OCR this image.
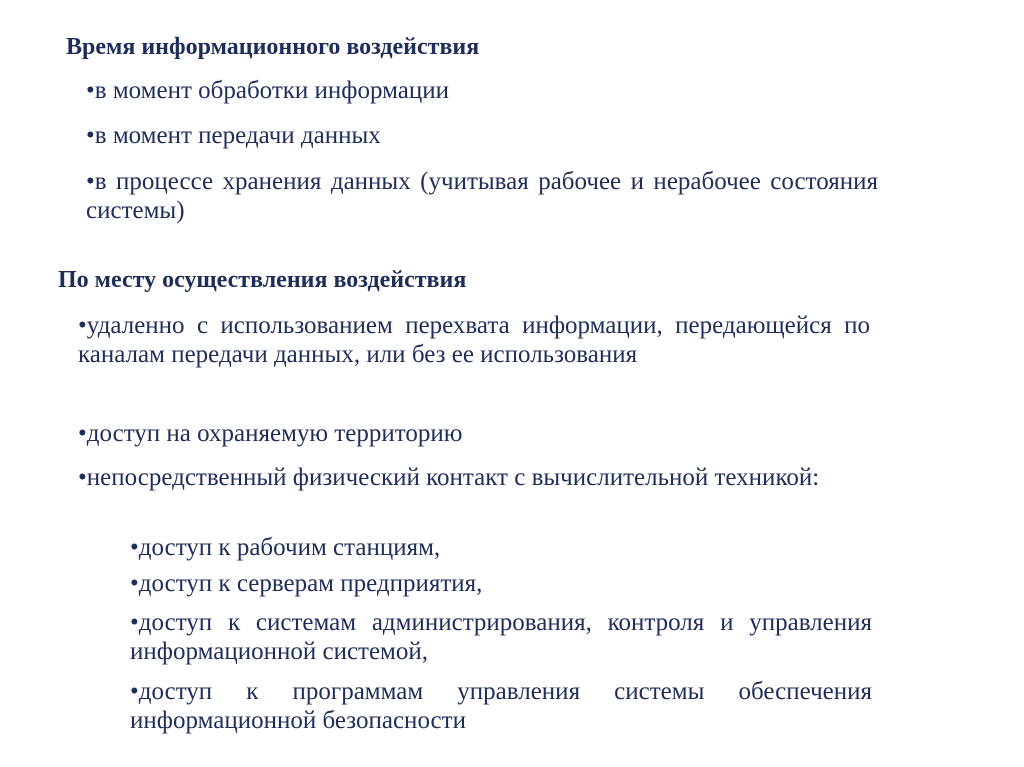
Время информационного воздействия

•в момент обработки информации

•в момент передачи данных

•в процессе хранения данных (учитывая рабочее и нерабочее состояния системы)

По месту осуществления воздействия

•удаленно с использованием перехвата информации, передающейся по каналам передачи данных, или без ее использования

•доступ на охраняемую территорию

•непосредственный физический контакт с вычислительной техникой:

•доступ к рабочим станциям,

•доступ к серверам предприятия,

•доступ к системам администрирования, контроля и управления информационной системой,

•доступ к программам управления системы обеспечения информационной безопасности
